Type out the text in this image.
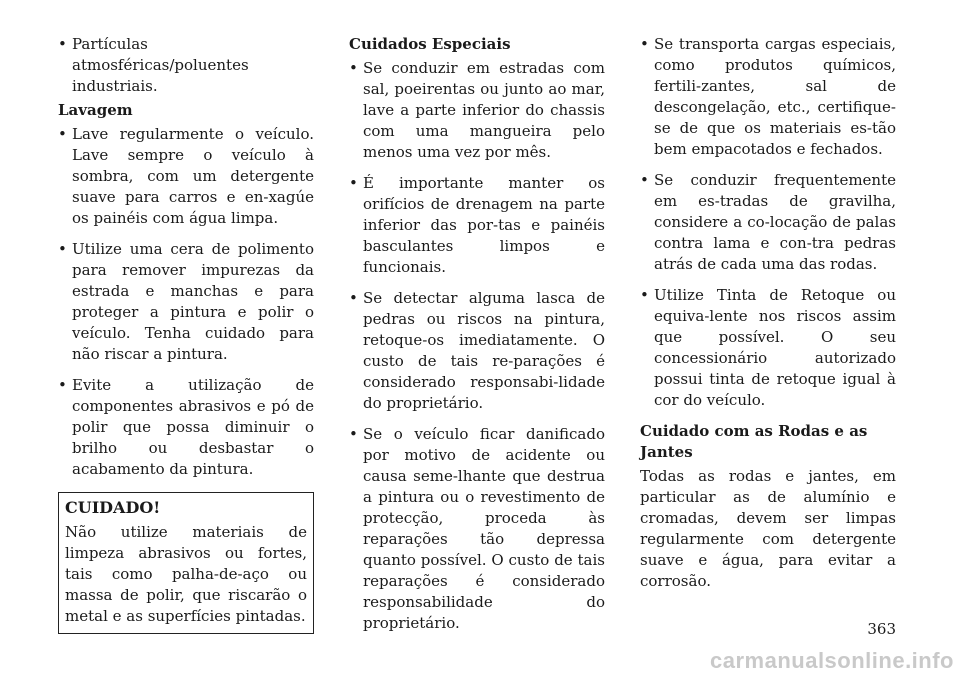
• Partículas atmosféricas/poluentes industriais.

Lavagem

• Lave regularmente o veículo. Lave sempre o veículo à sombra, com um detergente suave para carros e en-xagúe os painéis com água limpa.

• Utilize uma cera de polimento para remover impurezas da estrada e manchas e para proteger a pintura e polir o veículo. Tenha cuidado para não riscar a pintura.

• Evite a utilização de componentes abrasivos e pó de polir que possa diminuir o brilho ou desbastar o acabamento da pintura.

CUIDADO!

Não utilize materiais de limpeza abrasivos ou fortes, tais como palha-de-aço ou massa de polir, que riscarão o metal e as superfícies pintadas.

Cuidados Especiais

• Se conduzir em estradas com sal, poeirentas ou junto ao mar, lave a parte inferior do chassis com uma mangueira pelo menos uma vez por mês.

• É importante manter os orifícios de drenagem na parte inferior das por-tas e painéis basculantes limpos e funcionais.

• Se detectar alguma lasca de pedras ou riscos na pintura, retoque-os imediatamente. O custo de tais re-parações é considerado responsabi-lidade do proprietário.

• Se o veículo ficar danificado por motivo de acidente ou causa seme-lhante que destrua a pintura ou o revestimento de protecção, proceda às reparações tão depressa quanto possível. O custo de tais reparações é considerado responsabilidade do proprietário.

• Se transporta cargas especiais, como produtos químicos, fertili-zantes, sal de descongelação, etc., certifique-se de que os materiais es-tão bem empacotados e fechados.

• Se conduzir frequentemente em es-tradas de gravilha, considere a co-locação de palas contra lama e con-tra pedras atrás de cada uma das rodas.

• Utilize Tinta de Retoque ou equiva-lente nos riscos assim que possível. O seu concessionário autorizado possui tinta de retoque igual à cor do veículo.

Cuidado com as Rodas e as Jantes

Todas as rodas e jantes, em particular as de alumínio e cromadas, devem ser limpas regularmente com detergente suave e água, para evitar a corrosão.

363
carmanualsonline.info
